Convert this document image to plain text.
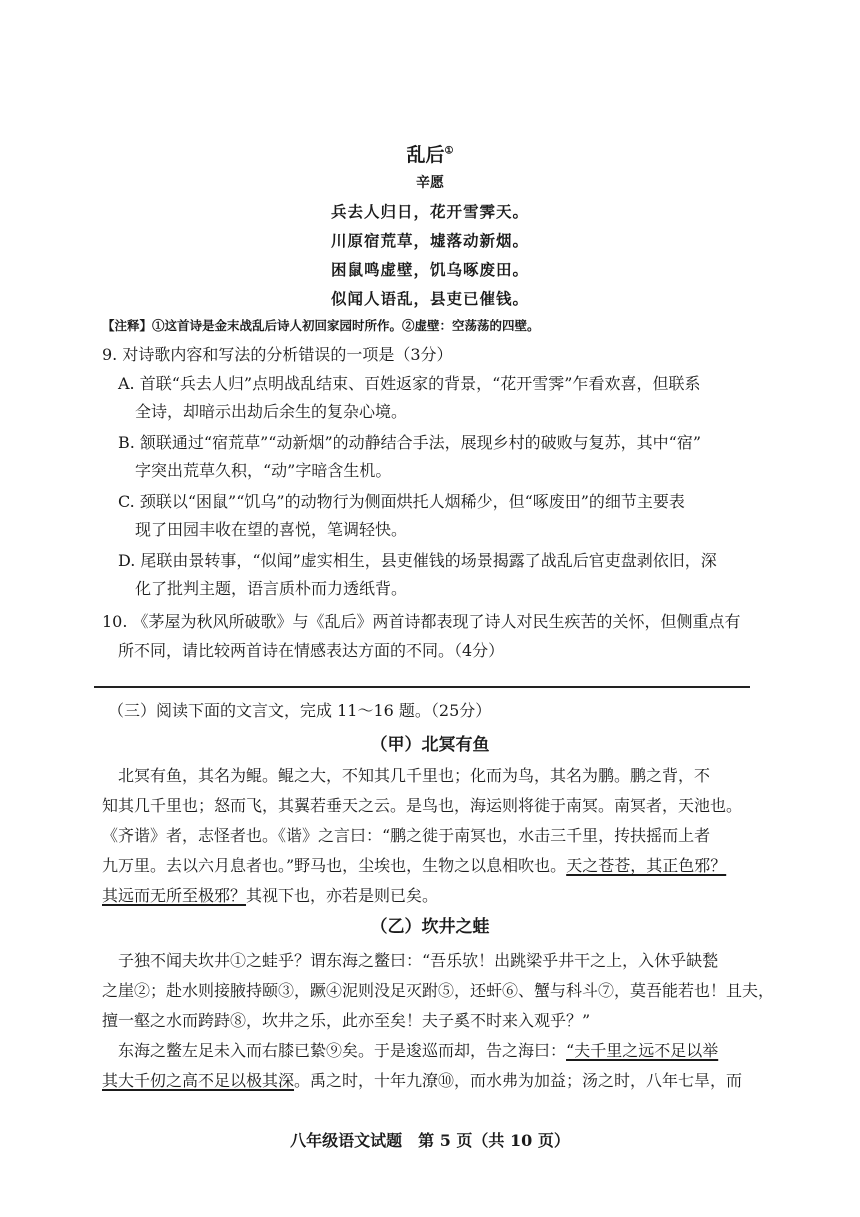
乱后①
辛愿
兵去人归日，花开雪霁天。
川原宿荒草，墟落动新烟。
困鼠鸣虚壁，饥乌啄废田。
似闻人语乱，县吏已催钱。
【注释】①这首诗是金末战乱后诗人初回家园时所作。②虚壁：空荡荡的四壁。
9. 对诗歌内容和写法的分析错误的一项是（3分）
A. 首联“兵去人归”点明战乱结束、百姓返家的背景，“花开雪霁”乍看欢喜，但联系
全诗，却暗示出劫后余生的复杂心境。
B. 颔联通过“宿荒草”“动新烟”的动静结合手法，展现乡村的破败与复苏，其中“宿”
字突出荒草久积，“动”字暗含生机。
C. 颈联以“困鼠”“饥乌”的动物行为侧面烘托人烟稀少，但“啄废田”的细节主要表
现了田园丰收在望的喜悦，笔调轻快。
D. 尾联由景转事，“似闻”虚实相生，县吏催钱的场景揭露了战乱后官吏盘剥依旧，深
化了批判主题，语言质朴而力透纸背。
10. 《茅屋为秋风所破歌》与《乱后》两首诗都表现了诗人对民生疾苦的关怀，但侧重点有
所不同，请比较两首诗在情感表达方面的不同。（4分）
（三）阅读下面的文言文，完成 11～16 题。（25分）
（甲）北冥有鱼
北冥有鱼，其名为鲲。鲲之大，不知其几千里也；化而为鸟，其名为鹏。鹏之背，不
知其几千里也；怒而飞，其翼若垂天之云。是鸟也，海运则将徙于南冥。南冥者，天池也。
《齐谐》者，志怪者也。《谐》之言曰：“鹏之徙于南冥也，水击三千里，抟扶摇而上者
九万里。去以六月息者也。”野马也，尘埃也，生物之以息相吹也。天之苍苍，其正色邪？
其远而无所至极邪？其视下也，亦若是则已矣。
（乙）坎井之蛙
子独不闻夫坎井①之蛙乎？谓东海之鳖曰：“吾乐欤！出跳梁乎井干之上，入休乎缺甃
之崖②；赴水则接腋持颐③，蹶④泥则没足灭跗⑤，还虷⑥、蟹与科斗⑦，莫吾能若也！且夫，
擅一壑之水而跨跱⑧，坎井之乐，此亦至矣！夫子奚不时来入观乎？”
东海之鳖左足未入而右膝已絷⑨矣。于是逡巡而却，告之海曰：“夫千里之远不足以举
其大千仞之高不足以极其深。禹之时，十年九潦⑩，而水弗为加益；汤之时，八年七旱，而
八年级语文试题　第 5 页（共 10 页）
